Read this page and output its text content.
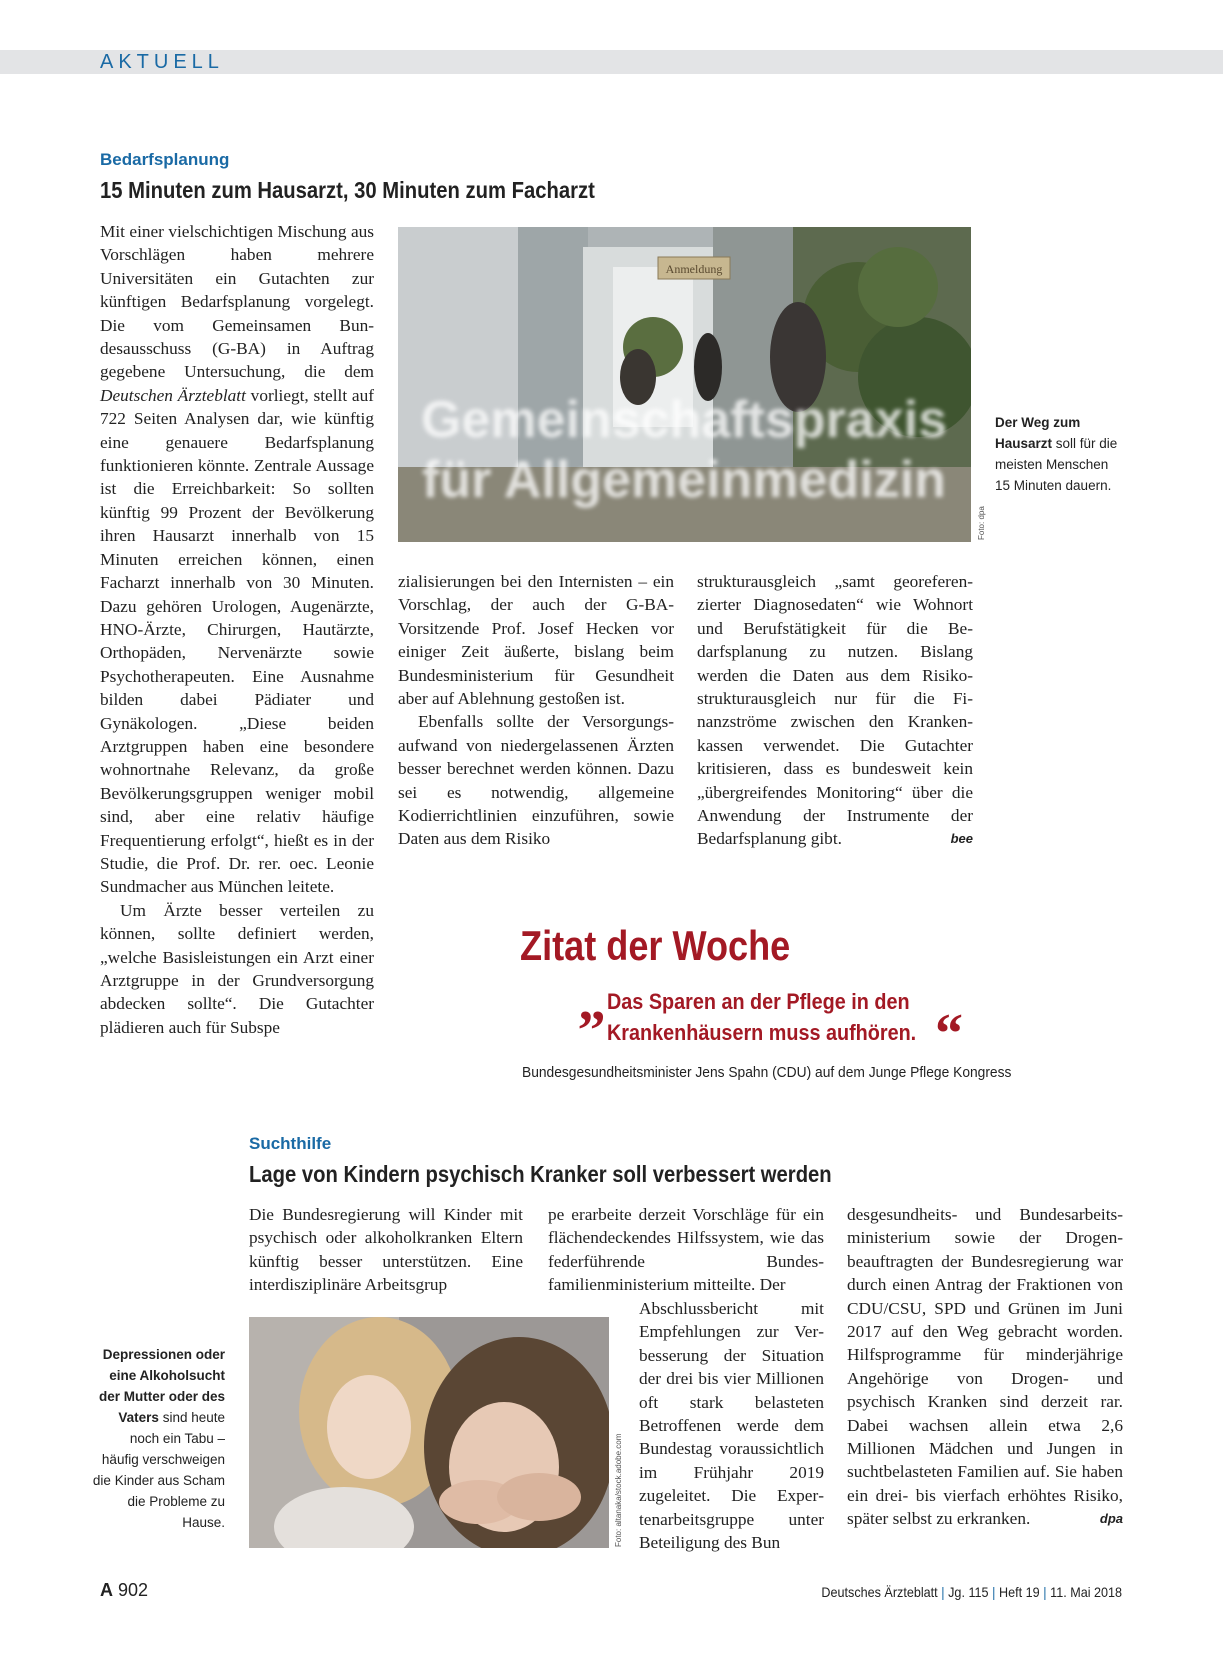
AKTUELL
Bedarfsplanung
15 Minuten zum Hausarzt, 30 Minuten zum Facharzt

Mit einer vielschichtigen Mischung aus Vorschlägen haben mehrere Universitäten ein Gutachten zur künftigen Bedarfsplanung vorgelegt. Die vom Gemeinsamen Bundesausschuss (G-BA) in Auftrag gegebene Untersuchung, die dem Deutschen Ärzteblatt vorliegt, stellt auf 722 Seiten Analysen dar, wie künftig eine genauere Bedarfsplanung funktionieren könnte. Zentrale Aussage ist die Erreichbarkeit: So sollten künftig 99 Prozent der Bevölkerung ihren Hausarzt innerhalb von 15 Minuten erreichen können, einen Facharzt innerhalb von 30 Minuten. Dazu gehören Urologen, Augenärzte, HNO-Ärzte, Chirurgen, Hautärzte, Orthopäden, Nervenärzte sowie Psychotherapeuten. Eine Ausnahme bilden dabei Pädiater und Gynäkologen. „Diese beiden Arztgruppen haben eine besondere wohnortnahe Relevanz, da große Bevölkerungsgruppen weniger mobil sind, aber eine relativ häufige Frequentierung erfolgt“, hießt es in der Studie, die Prof. Dr. rer. oec. Leonie Sundmacher aus München leitete.

Um Ärzte besser verteilen zu können, sollte definiert werden, „welche Basisleistungen ein Arzt einer Arztgruppe in der Grundversorgung abdecken sollte“. Die Gutachter plädieren auch für Subspe

Anmeldung
Gemeinschaftspraxis
für Allgemeinmedizin
Foto: dpa
Der Weg zum Hausarzt soll für die meisten Menschen 15 Minuten dauern.

zialisierungen bei den Internisten – ein Vorschlag, der auch der G-BA-Vorsitzende Prof. Josef Hecken vor einiger Zeit äußerte, bislang beim Bundesministerium für Gesundheit aber auf Ablehnung gestoßen ist.

Ebenfalls sollte der Versorgungsaufwand von niedergelassenen Ärzten besser berechnet werden können. Dazu sei es notwendig, allgemeine Kodierrichtlinien einzuführen, sowie Daten aus dem Risiko

strukturausgleich „samt georeferenzierter Diagnosedaten“ wie Wohnort und Berufstätigkeit für die Bedarfsplanung zu nutzen. Bislang werden die Daten aus dem Risikostrukturausgleich nur für die Finanzströme zwischen den Krankenkassen verwendet. Die Gutachter kritisieren, dass es bundesweit kein „übergreifendes Monitoring“ über die Anwendung der Instrumente der Bedarfsplanung gibt.	bee

Zitat der Woche
„ Das Sparen an der Pflege in den
Krankenhäusern muss aufhören. “
Bundesgesundheitsminister Jens Spahn (CDU) auf dem Junge Pflege Kongress
Suchthilfe
Lage von Kindern psychisch Kranker soll verbessert werden

Die Bundesregierung will Kinder mit psychisch oder alkoholkranken Eltern künftig besser unterstützen. Eine interdisziplinäre Arbeitsgrup

pe erarbeite derzeit Vorschläge für ein flächendeckendes Hilfssystem, wie das federführende Bundesfamilienministerium mitteilte. Der

Foto: altanaka/stock.adobe.com
Depressionen oder eine Alkoholsucht der Mutter oder des Vaters sind heute noch ein Tabu – häufig verschweigen die Kinder aus Scham die Probleme zu Hause.

Abschlussbericht mit Empfehlungen zur Verbesserung der Situation der drei bis vier Millionen oft stark belasteten Betroffenen werde dem Bundestag voraussichtlich im Frühjahr 2019 zugeleitet. Die Expertenarbeitsgruppe unter Beteiligung des Bun

desgesundheits- und Bundesarbeitsministerium sowie der Drogenbeauftragten der Bundesregierung war durch einen Antrag der Fraktionen von CDU/CSU, SPD und Grünen im Juni 2017 auf den Weg gebracht worden. Hilfsprogramme für minderjährige Angehörige von Drogen- und psychisch Kranken sind derzeit rar. Dabei wachsen allein etwa 2,6 Millionen Mädchen und Jungen in suchtbelasteten Familien auf. Sie haben ein drei- bis vierfach erhöhtes Risiko, später selbst zu erkranken.	dpa

A 902	Deutsches Ärzteblatt | Jg. 115 | Heft 19 | 11. Mai 2018
